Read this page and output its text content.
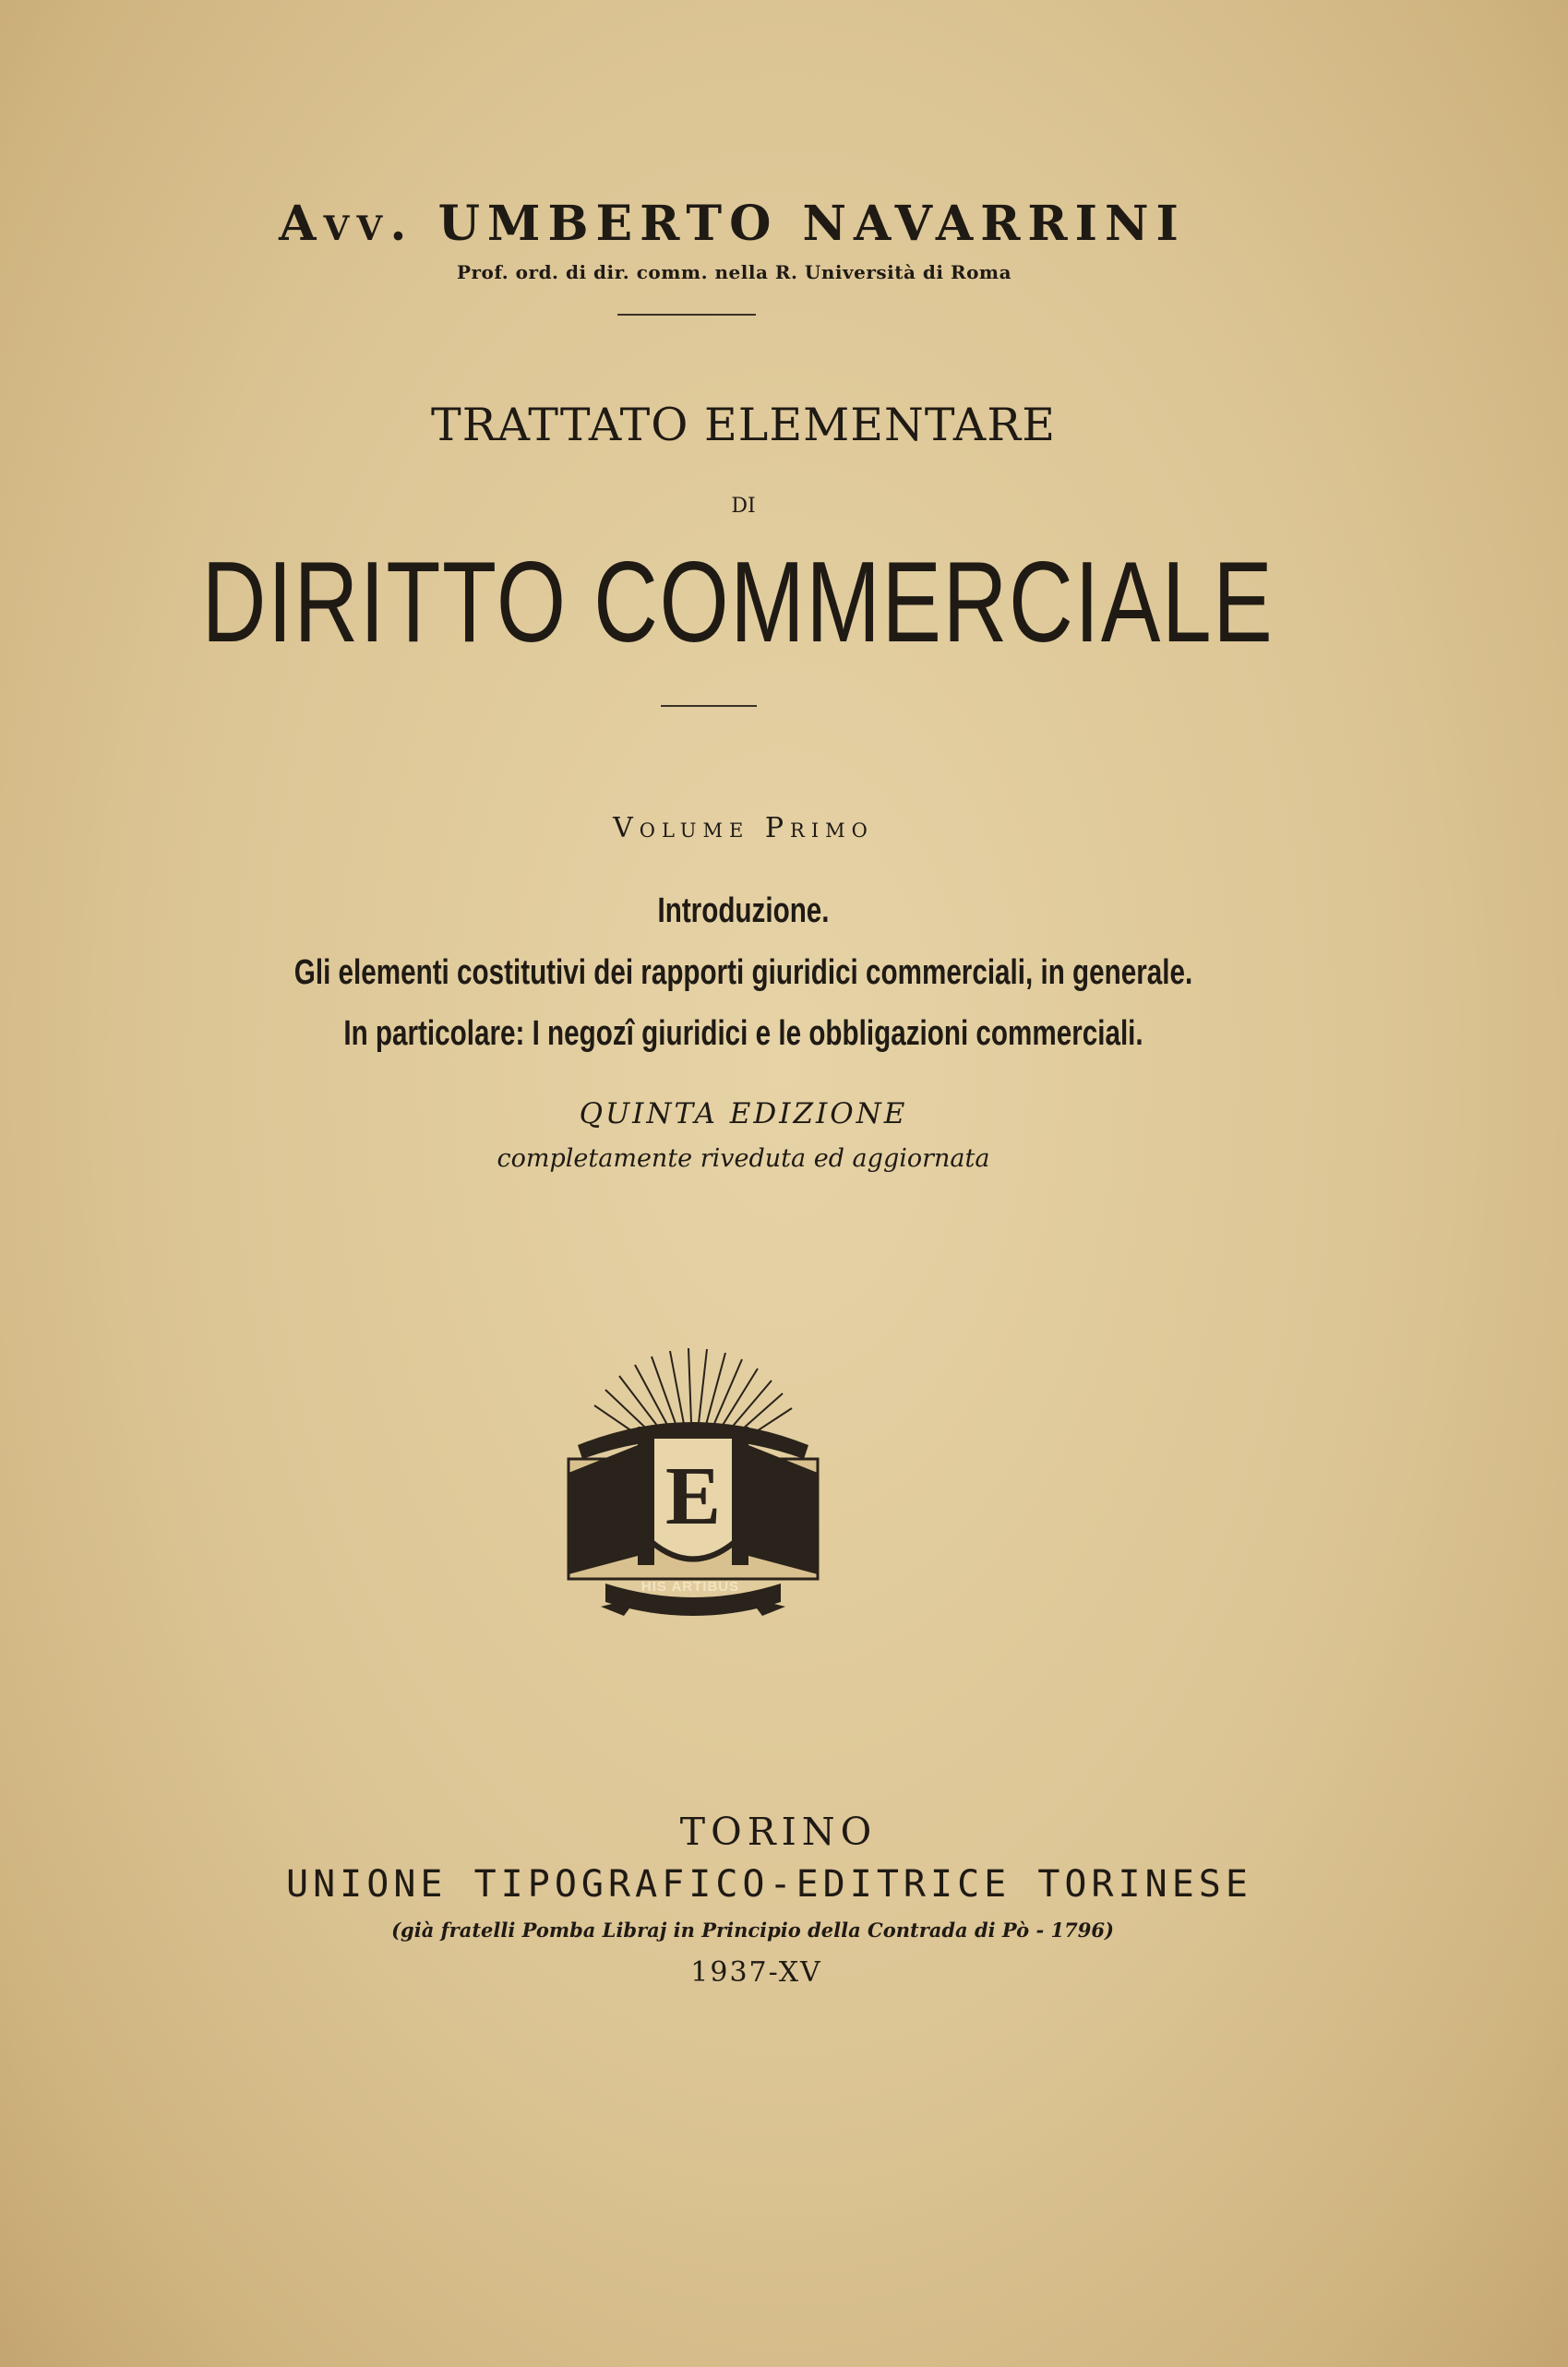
Avv. UMBERTO NAVARRINI
Prof. ord. di dir. comm. nella R. Università di Roma
TRATTATO ELEMENTARE
DI
DIRITTO COMMERCIALE
Volume Primo
Introduzione.
Gli elementi costitutivi dei rapporti giuridici commerciali, in generale.
In particolare: I negozî giuridici e le obbligazioni commerciali.
QUINTA EDIZIONE
completamente riveduta ed aggiornata
E
HIS ARTIBUS
TORINO
UNIONE TIPOGRAFICO-EDITRICE TORINESE
(già fratelli Pomba Libraj in Principio della Contrada di Pò - 1796)
1937-XV
